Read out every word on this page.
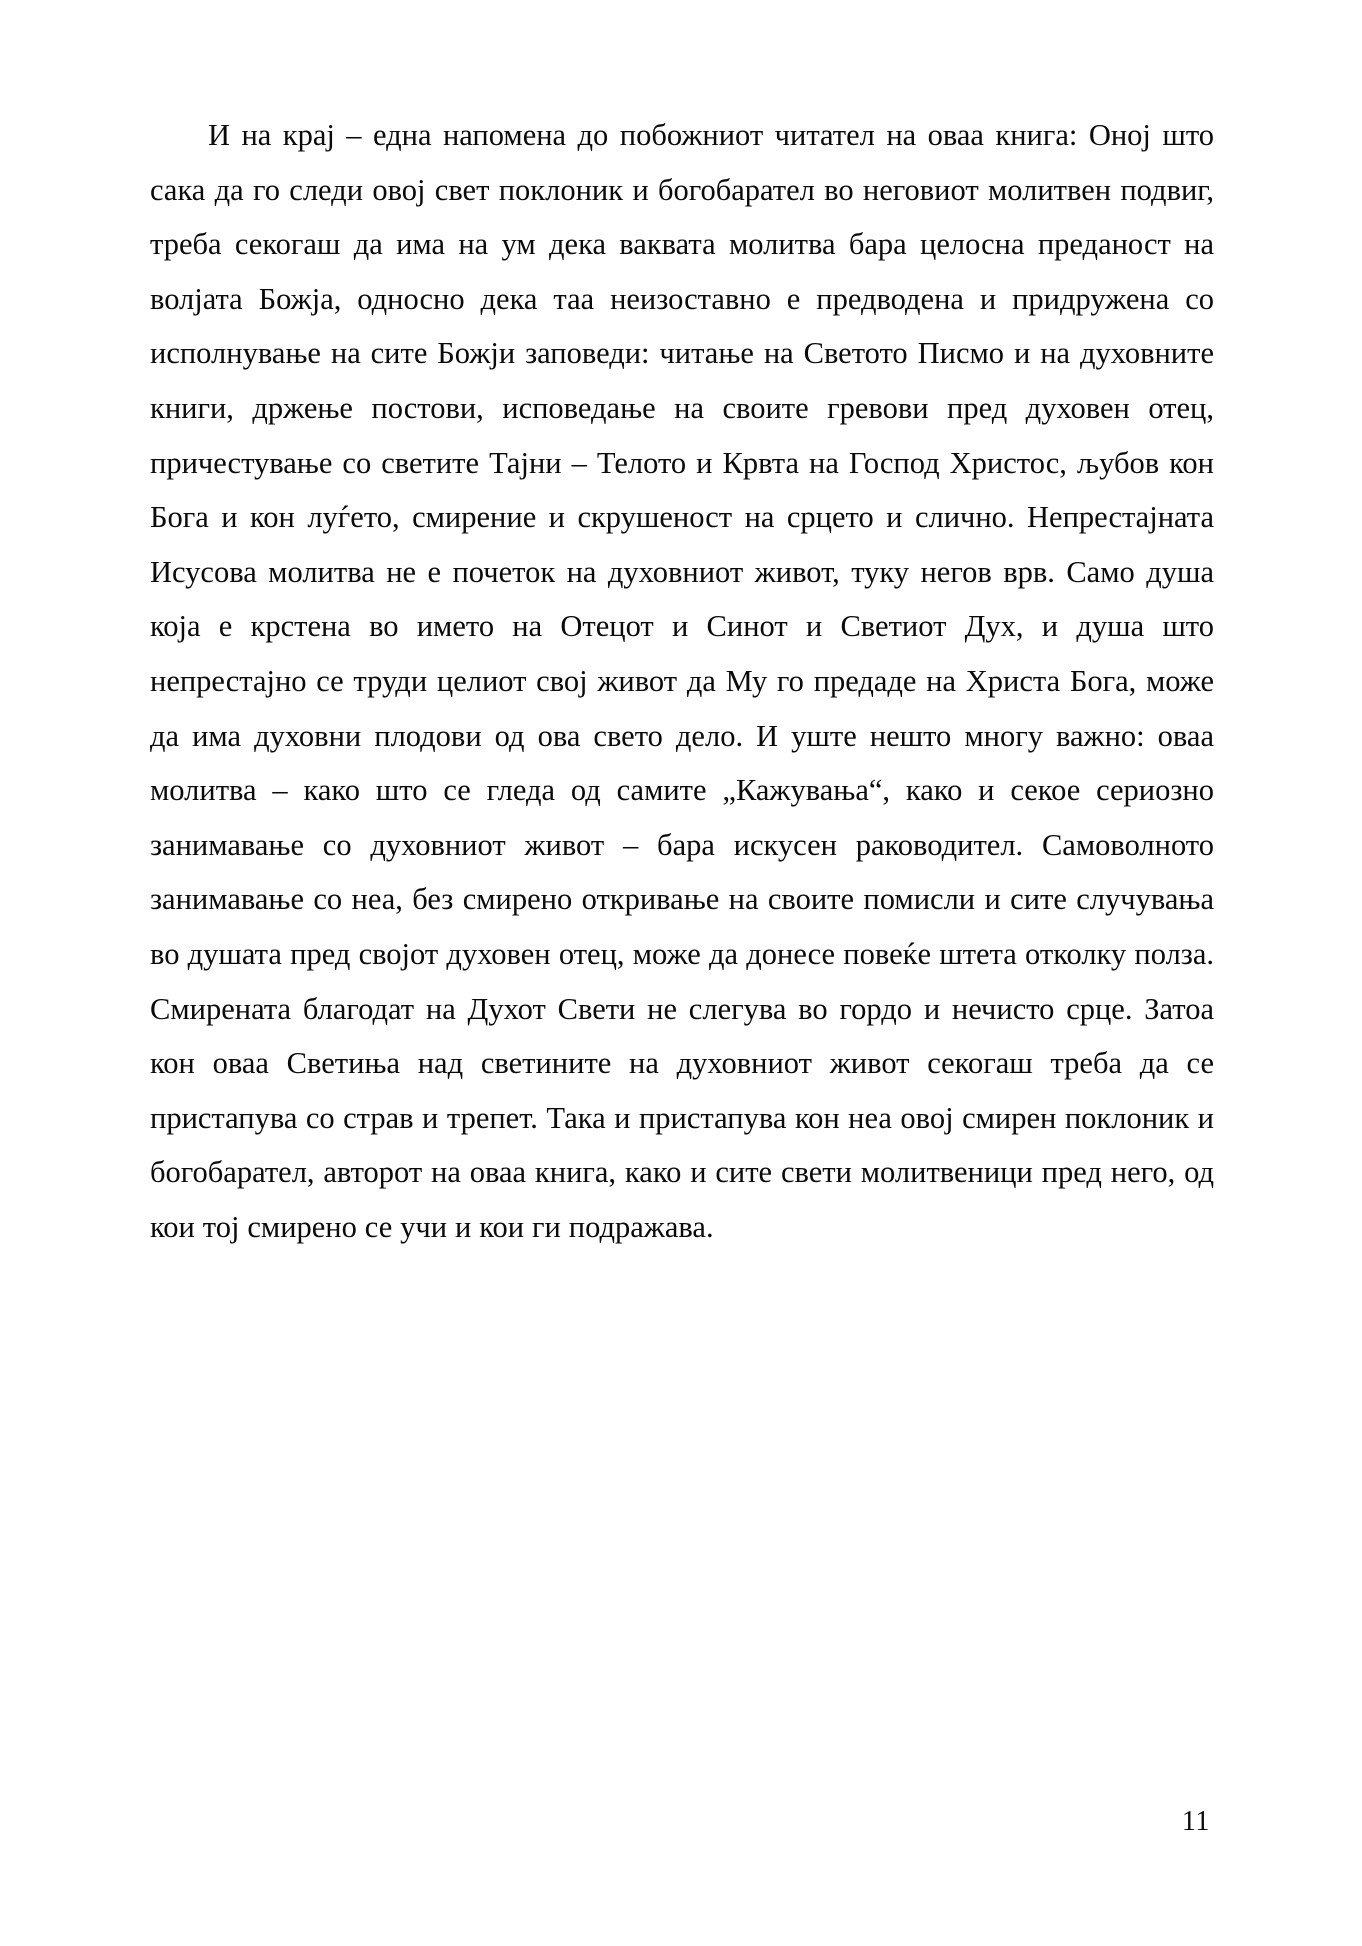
И на крај – една напомена до побожниот читател на оваа книга: Оној што сака да го следи овој свет поклоник и богобарател во неговиот молитвен подвиг, треба секогаш да има на ум дека ваквата молитва бара целосна преданост на волјата Божја, односно дека таа неизоставно е предводена и придружена со исполнување на сите Божји заповеди: читање на Светото Писмо и на духовните книги, држење постови, исповедање на своите гревови пред духовен отец, причестување со светите Тајни – Телото и Крвта на Господ Христос, љубов кон Бога и кон луѓето, смирение и скрушеност на срцето и слично. Непрестајната Исусова молитва не е почеток на духовниот живот, туку негов врв. Само душа која е крстена во името на Отецот и Синот и Светиот Дух, и душа што непрестајно се труди целиот свој живот да Му го предаде на Христа Бога, може да има духовни плодови од ова свето дело. И уште нешто многу важно: оваа молитва – како што се гледа од самите „Кажувања“, како и секое сериозно занимавање со духовниот живот – бара искусен раководител. Самоволното занимавање со неа, без смирено откривање на своите помисли и сите случувања во душата пред својот духовен отец, може да донесе повеќе штета отколку полза. Смирената благодат на Духот Свети не слегува во гордо и нечисто срце. Затоа кон оваа Светиња над светините на духовниот живот секогаш треба да се пристапува со страв и трепет. Така и пристапува кон неа овој смирен поклоник и богобарател, авторот на оваа книга, како и сите свети молитвеници пред него, од кои тој смирено се учи и кои ги подражава.

11
